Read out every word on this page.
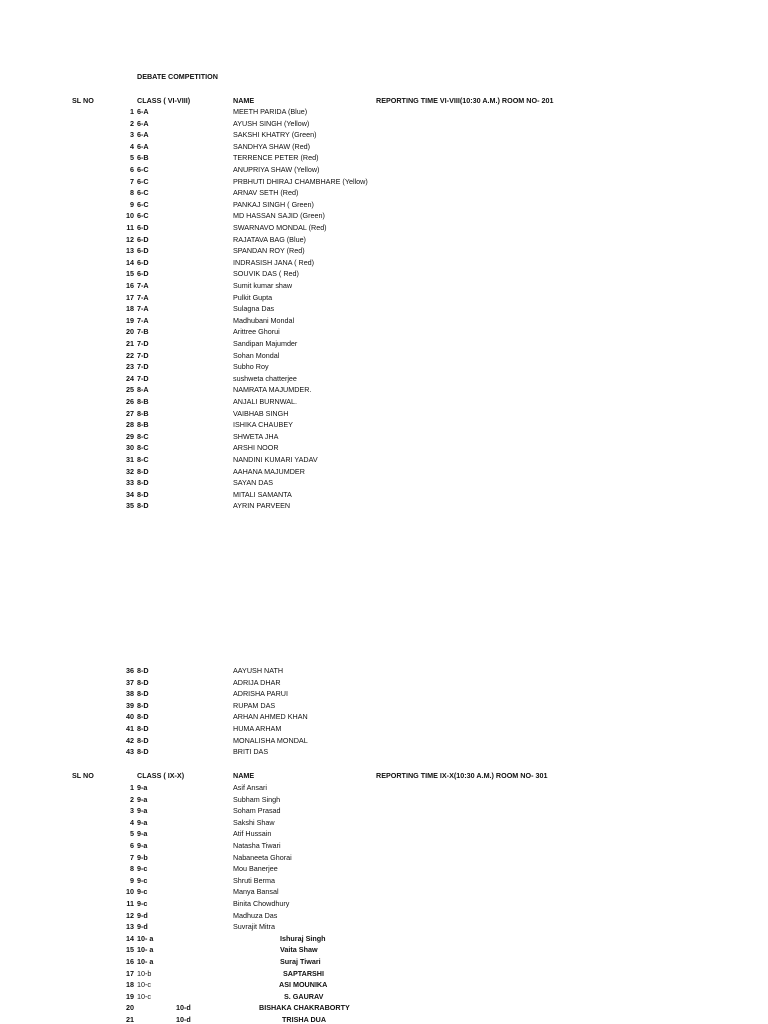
DEBATE COMPETITION
SL NO	CLASS ( VI-VIII)	NAME	REPORTING TIME VI-VIII(10:30 A.M.) ROOM NO- 201
1 6-A	MEETH PARIDA (Blue)
2 6-A	AYUSH SINGH (Yellow)
3 6-A	SAKSHI KHATRY (Green)
4 6-A	SANDHYA SHAW (Red)
5 6-B	TERRENCE PETER (Red)
6 6-C	ANUPRIYA SHAW (Yellow)
7 6-C	PRBHUTI DHIRAJ CHAMBHARE (Yellow)
8 6-C	ARNAV SETH (Red)
9 6-C	PANKAJ SINGH ( Green)
10 6-C	MD HASSAN SAJID (Green)
11 6-D	SWARNAVO MONDAL (Red)
12 6-D	RAJATAVA BAG (Blue)
13 6-D	SPANDAN ROY (Red)
14 6-D	INDRASISH JANA ( Red)
15 6-D	SOUVIK DAS ( Red)
16 7-A	Sumit kumar shaw
17 7-A	Pulkit Gupta
18 7-A	Sulagna Das
19 7-A	Madhubani Mondal
20 7-B	Arittree Ghorui
21 7-D	Sandipan Majumder
22 7-D	Sohan Mondal
23 7-D	Subho Roy
24 7-D	sushweta chatterjee
25 8-A	NAMRATA MAJUMDER.
26 8-B	ANJALI BURNWAL.
27 8-B	VAIBHAB SINGH
28 8-B	ISHIKA CHAUBEY
29 8-C	SHWETA JHA
30 8-C	ARSHI NOOR
31 8-C	NANDINI KUMARI YADAV
32 8-D	AAHANA MAJUMDER
33 8-D	SAYAN DAS
34 8-D	MITALI SAMANTA
35 8-D	AYRIN PARVEEN
36 8-D	AAYUSH NATH
37 8-D	ADRIJA DHAR
38 8-D	ADRISHA PARUI
39 8-D	RUPAM DAS
40 8-D	ARHAN AHMED KHAN
41 8-D	HUMA ARHAM
42 8-D	MONALISHA MONDAL
43 8-D	BRITI DAS
SL NO	CLASS ( IX-X)	NAME	REPORTING TIME IX-X(10:30 A.M.) ROOM NO- 301
1 9-a	Asif Ansari
2 9-a	Subham Singh
3 9-a	Soham Prasad
4 9-a	Sakshi Shaw
5 9-a	Atif Hussain
6 9-a	Natasha Tiwari
7 9-b	Nabaneeta Ghorai
8 9-c	Mou Banerjee
9 9-c	Shruti Berma
10 9-c	Manya Bansal
11 9-c	Binita Chowdhury
12 9-d	Madhuza Das
13 9-d	Suvrajit Mitra
14 10- a	Ishuraj Singh
15 10- a	Vaita Shaw
16 10- a	Suraj Tiwari
17 10-b	SAPTARSHI
18 10-c	ASI MOUNIKA
19 10-c	S. GAURAV
20	10-d	BISHAKA CHAKRABORTY
21	10-d	TRISHA DUA
